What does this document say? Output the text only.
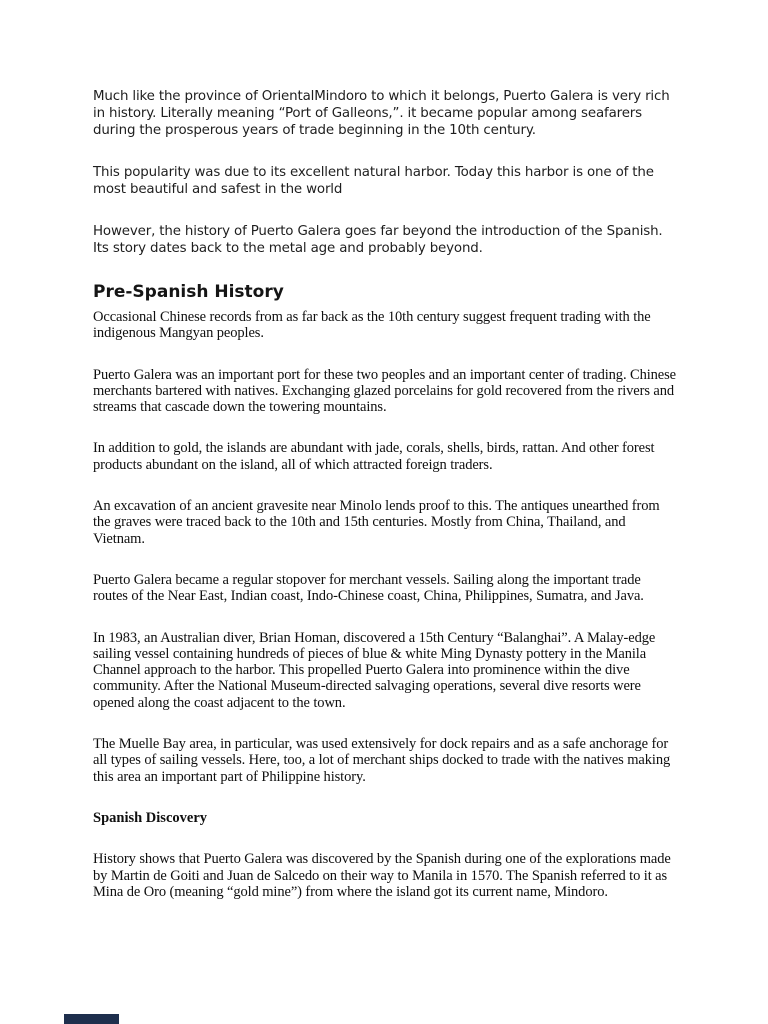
Much like the province of OrientalMindoro to which it belongs, Puerto Galera is very rich in history. Literally meaning “Port of Galleons,”. it became popular among seafarers during the prosperous years of trade beginning in the 10th century.

This popularity was due to its excellent natural harbor. Today this harbor is one of the most beautiful and safest in the world

However, the history of Puerto Galera goes far beyond the introduction of the Spanish. Its story dates back to the metal age and probably beyond.

Pre-Spanish History

Occasional Chinese records from as far back as the 10th century suggest frequent trading with the indigenous Mangyan peoples.

Puerto Galera was an important port for these two peoples and an important center of trading. Chinese merchants bartered with natives. Exchanging glazed porcelains for gold recovered from the rivers and streams that cascade down the towering mountains.

In addition to gold, the islands are abundant with jade, corals, shells, birds, rattan. And other forest products abundant on the island, all of which attracted foreign traders.

An excavation of an ancient gravesite near Minolo lends proof to this. The antiques unearthed from the graves were traced back to the 10th and 15th centuries. Mostly from China, Thailand, and Vietnam.

Puerto Galera became a regular stopover for merchant vessels. Sailing along the important trade routes of the Near East, Indian coast, Indo-Chinese coast, China, Philippines, Sumatra, and Java.

In 1983, an Australian diver, Brian Homan, discovered a 15th Century “Balanghai”. A Malay-edge sailing vessel containing hundreds of pieces of blue & white Ming Dynasty pottery in the Manila Channel approach to the harbor. This propelled Puerto Galera into prominence within the dive community. After the National Museum-directed salvaging operations, several dive resorts were opened along the coast adjacent to the town.

The Muelle Bay area, in particular, was used extensively for dock repairs and as a safe anchorage for all types of sailing vessels. Here, too, a lot of merchant ships docked to trade with the natives making this area an important part of Philippine history.

Spanish Discovery

History shows that Puerto Galera was discovered by the Spanish during one of the explorations made by Martin de Goiti and Juan de Salcedo on their way to Manila in 1570. The Spanish referred to it as Mina de Oro (meaning “gold mine”) from where the island got its current name, Mindoro.
